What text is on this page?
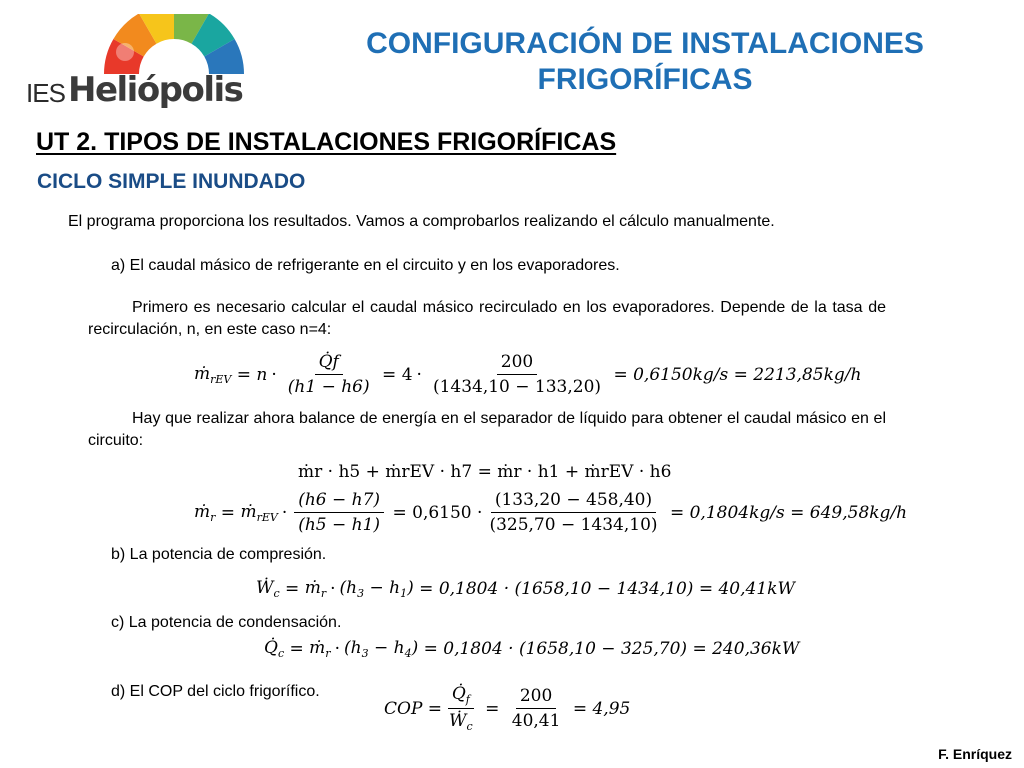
IES Heliópolis
CONFIGURACIÓN DE INSTALACIONES
FRIGORÍFICAS
UT 2. TIPOS DE INSTALACIONES FRIGORÍFICAS
CICLO SIMPLE INUNDADO
El programa proporciona los resultados. Vamos a comprobarlos realizando el cálculo manualmente.
a) El caudal másico de refrigerante en el circuito y en los evaporadores.
Primero es necesario calcular el caudal másico recirculado en los evaporadores. Depende de la tasa de recirculación, n, en este caso n=4:
ṁ$_{rEV}$ = $n \cdot \frac{Q̇f}{(h1 - h6)} = 4 \cdot \frac{200}{(1434,10 - 133,20)}$
= 0,6150kg/s = 2213,85kg/h
Hay que realizar ahora balance de energía en el separador de líquido para obtener el caudal másico en el circuito:
ṁr · h5 + ṁrEV · h7 = ṁr · h1 + ṁrEV · h6
ṁ$_r$ = ṁ$_{rEV}$ · $\frac{(h6 - h7)}{(h5 - h1)}$
= $0,6150 \cdot \frac{(133,20 - 458,40)}{(325,70 - 1434,10)}$
= 0,1804kg/s = 649,58kg/h
b) La potencia de compresión.
Ẇ$_c$ = ṁ$_r$ · $(h_3 - h_1)$
= 0,1804 · (1658,10 − 1434,10) = 40,41kW
c) La potencia de condensación.
$Q̇_c$ = ṁ$_r$ · $(h_3 - h_4)$
= 0,1804 · (1658,10 − 325,70) = 240,36kW
d) El COP del ciclo frigorífico.
COP = $\frac{Q̇_f}{Ẇ_c} = \frac{200}{40,41}$
= 4,95
F. Enríquez
